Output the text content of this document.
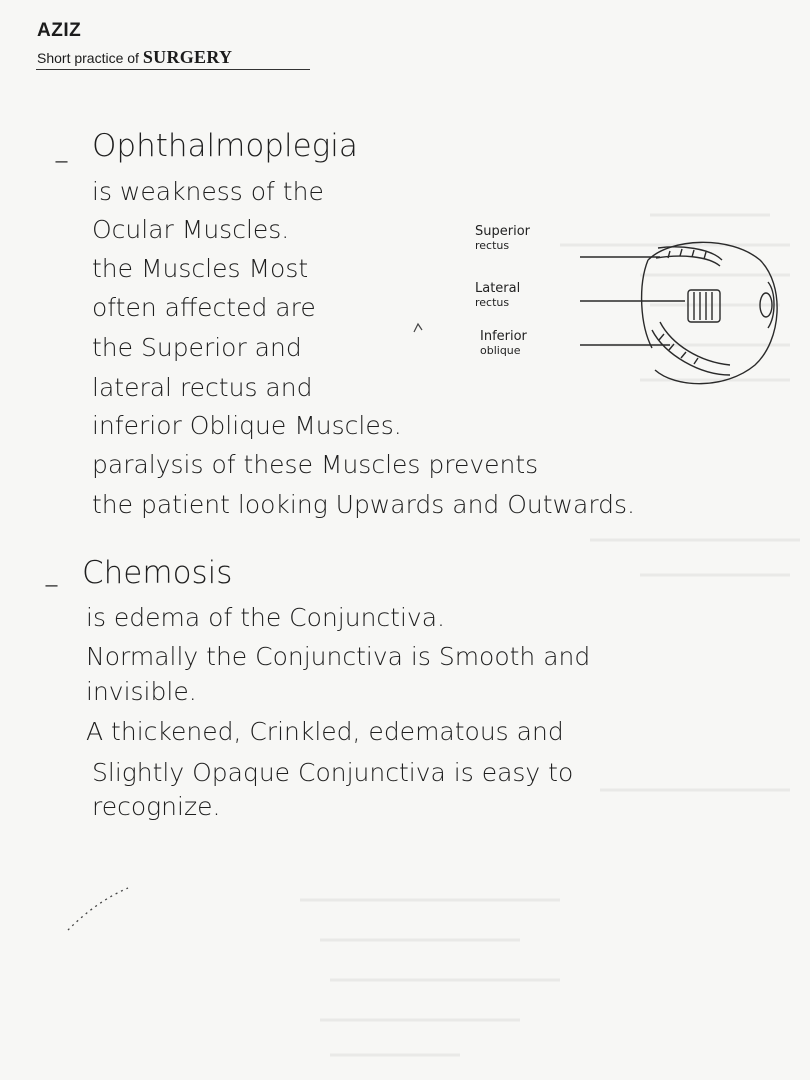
AZIZ
Short practice of SURGERY
– Ophthalmoplegia
is weakness of the
Ocular Muscles.
the Muscles Most
often affected are
the Superior and
lateral rectus and
inferior Oblique Muscles.
paralysis of these Muscles prevents
the patient looking Upwards and Outwards.
Superior
rectus
Lateral
rectus
Inferior
oblique
– Chemosis
is edema of the Conjunctiva.
Normally the Conjunctiva is Smooth and
invisible.
A thickened, Crinkled, edematous and
Slightly Opaque Conjunctiva is easy to
recognize.
